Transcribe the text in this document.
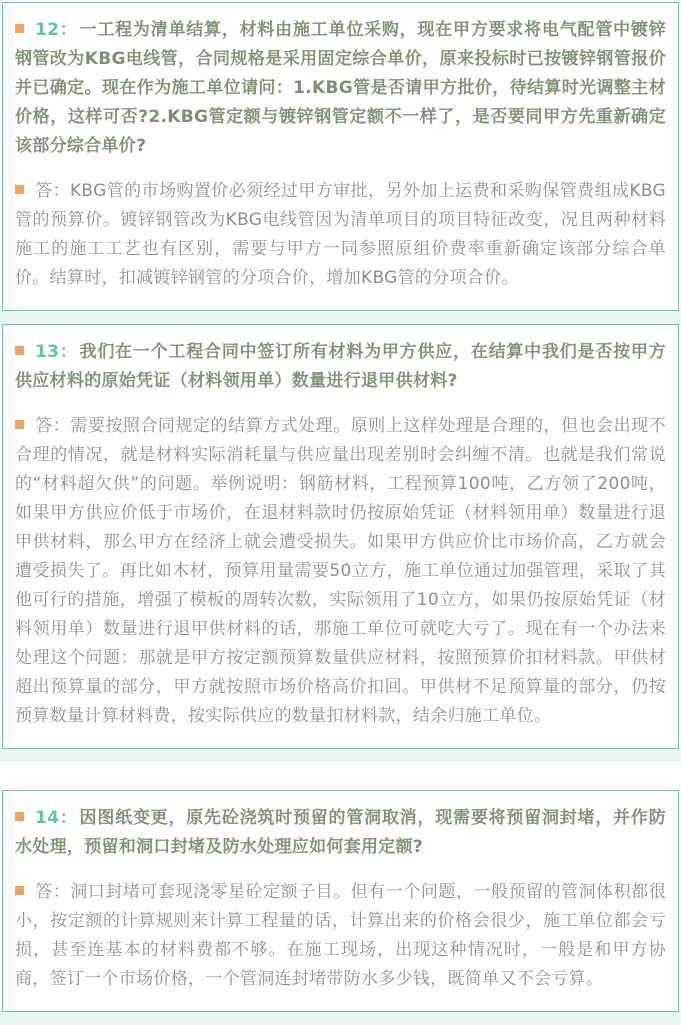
12： 一工程为清单结算，材料由施工单位采购，现在甲方要求将电气配管中镀锌钢管改为KBG电线管，合同规格是采用固定综合单价，原来投标时已按镀锌钢管报价并已确定。现在作为施工单位请问：1.KBG管是否请甲方批价，待结算时光调整主材价格，这样可否?2.KBG管定额与镀锌钢管定额不一样了，是否要同甲方先重新确定该部分综合单价?

答：KBG管的市场购置价必须经过甲方审批，另外加上运费和采购保管费组成KBG管的预算价。镀锌钢管改为KBG电线管因为清单项目的项目特征改变，况且两种材料施工的施工工艺也有区别，需要与甲方一同参照原组价费率重新确定该部分综合单价。结算时，扣减镀锌钢管的分项合价，增加KBG管的分项合价。

13： 我们在一个工程合同中签订所有材料为甲方供应，在结算中我们是否按甲方供应材料的原始凭证（材料领用单）数量进行退甲供材料?

答：需要按照合同规定的结算方式处理。原则上这样处理是合理的，但也会出现不合理的情况，就是材料实际消耗量与供应量出现差别时会纠缠不清。也就是我们常说的“材料超欠供”的问题。举例说明：钢筋材料，工程预算100吨，乙方领了200吨，如果甲方供应价低于市场价，在退材料款时仍按原始凭证（材料领用单）数量进行退甲供材料，那么甲方在经济上就会遭受损失。如果甲方供应价比市场价高，乙方就会遭受损失了。再比如木材，预算用量需要50立方，施工单位通过加强管理，采取了其他可行的措施，增强了模板的周转次数，实际领用了10立方，如果仍按原始凭证（材料领用单）数量进行退甲供材料的话，那施工单位可就吃大亏了。现在有一个办法来处理这个问题：那就是甲方按定额预算数量供应材料，按照预算价扣材料款。甲供材超出预算量的部分，甲方就按照市场价格高价扣回。甲供材不足预算量的部分，仍按预算数量计算材料费，按实际供应的数量扣材料款，结余归施工单位。

14： 因图纸变更，原先砼浇筑时预留的管洞取消，现需要将预留洞封堵，并作防水处理，预留和洞口封堵及防水处理应如何套用定额?

答：洞口封堵可套现浇零星砼定额子目。但有一个问题，一般预留的管洞体积都很小，按定额的计算规则来计算工程量的话，计算出来的价格会很少，施工单位都会亏损，甚至连基本的材料费都不够。在施工现场，出现这种情况时，一般是和甲方协商，签订一个市场价格，一个管洞连封堵带防水多少钱，既简单又不会亏算。
